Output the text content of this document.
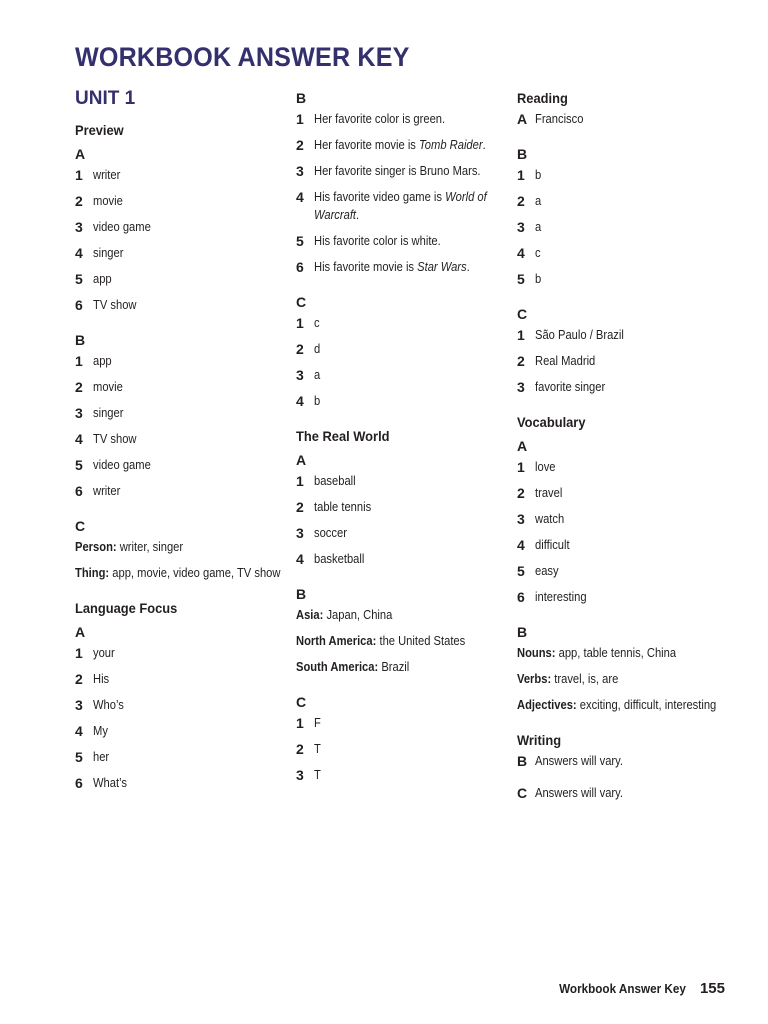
WORKBOOK ANSWER KEY
UNIT 1
Preview
A
1 writer
2 movie
3 video game
4 singer
5 app
6 TV show
B
1 app
2 movie
3 singer
4 TV show
5 video game
6 writer
C
Person: writer, singer
Thing: app, movie, video game, TV show
Language Focus
A
1 your
2 His
3 Who’s
4 My
5 her
6 What’s
B
1 Her favorite color is green.
2 Her favorite movie is Tomb Raider.
3 Her favorite singer is Bruno Mars.
4 His favorite video game is World of Warcraft.
5 His favorite color is white.
6 His favorite movie is Star Wars.
C
1 c
2 d
3 a
4 b
The Real World
A
1 baseball
2 table tennis
3 soccer
4 basketball
B
Asia: Japan, China
North America: the United States
South America: Brazil
C
1 F
2 T
3 T
Reading
A Francisco
B
1 b
2 a
3 a
4 c
5 b
C
1 São Paulo / Brazil
2 Real Madrid
3 favorite singer
Vocabulary
A
1 love
2 travel
3 watch
4 difficult
5 easy
6 interesting
B
Nouns: app, table tennis, China
Verbs: travel, is, are
Adjectives: exciting, difficult, interesting
Writing
B Answers will vary.
C Answers will vary.
Workbook Answer Key 155
